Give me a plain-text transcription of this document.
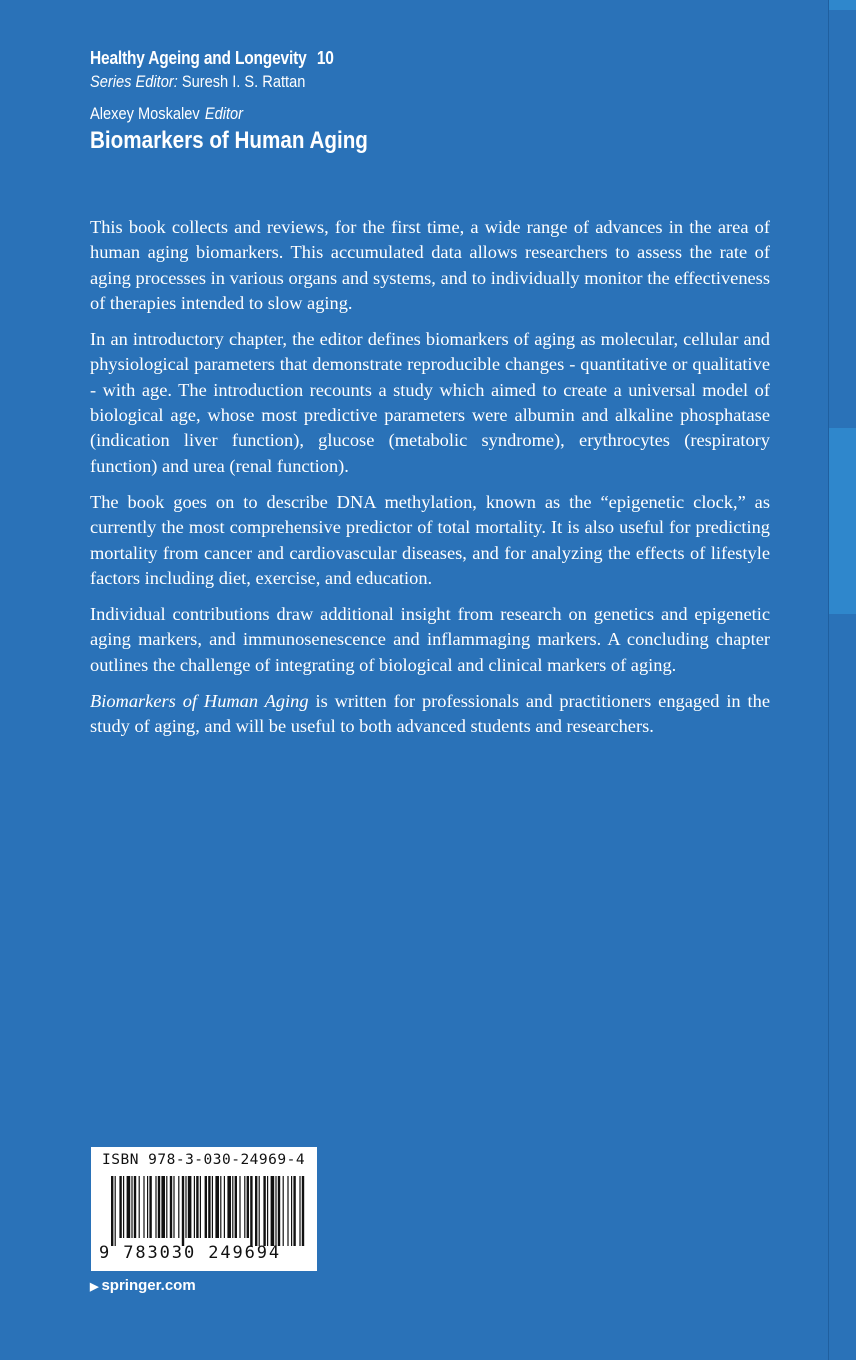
Healthy Ageing and Longevity 10
Series Editor: Suresh I. S. Rattan
Alexey Moskalev Editor
Biomarkers of Human Aging

This book collects and reviews, for the first time, a wide range of advances in the area of human aging biomarkers. This accumulated data allows researchers to assess the rate of aging processes in various organs and systems, and to individually monitor the effectiveness of therapies intended to slow aging.

In an introductory chapter, the editor defines biomarkers of aging as molecular, cellular and physiological parameters that demonstrate reproducible changes - quantitative or qualitative - with age. The introduction recounts a study which aimed to create a universal model of biological age, whose most predictive parameters were albumin and alkaline phosphatase (indication liver function), glucose (metabolic syndrome), erythrocytes (respiratory function) and urea (renal function).

The book goes on to describe DNA methylation, known as the “epigenetic clock,” as currently the most comprehensive predictor of total mortality. It is also useful for predicting mortality from cancer and cardiovascular diseases, and for analyzing the effects of lifestyle factors including diet, exercise, and education.

Individual contributions draw additional insight from research on genetics and epigenetic aging markers, and immunosenescence and inflammaging markers. A concluding chapter outlines the challenge of integrating of biological and clinical markers of aging.

Biomarkers of Human Aging is written for professionals and practitioners engaged in the study of aging, and will be useful to both advanced students and researchers.

ISBN 978-3-030-24969-4
9 783030 249694
▶ springer.com
